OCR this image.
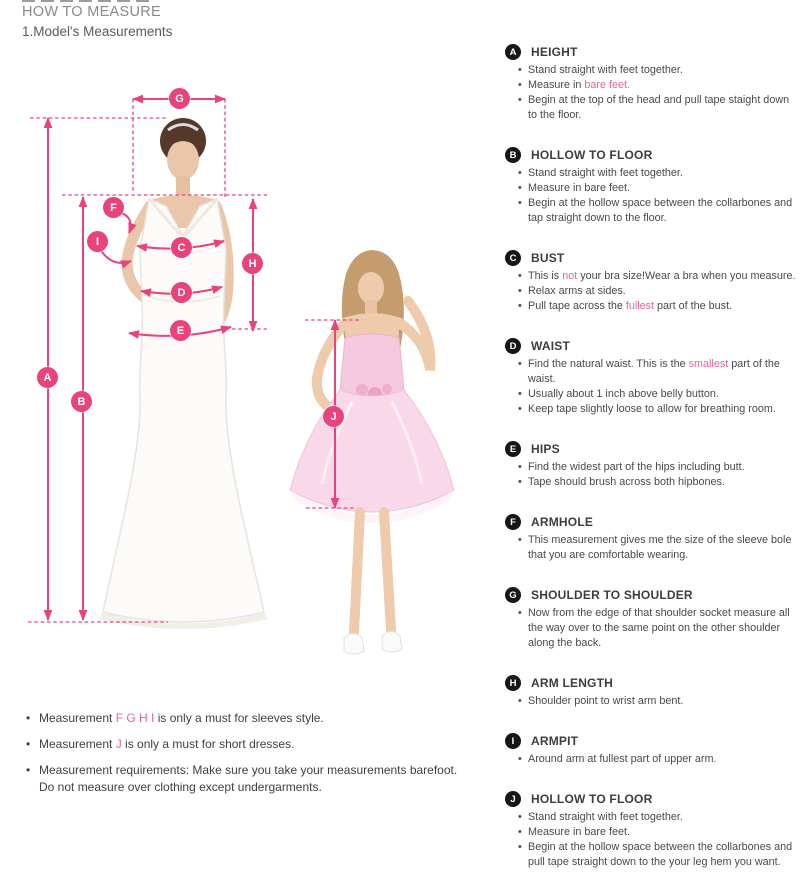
HOW TO MEASURE
1.Model's Measurements
G
F
I	C
H
D
E
A
B
J
A	HEIGHT
• Stand straight with feet together.
• Measure in bare feet.
• Begin at the top of the head and pull tape staight down to the floor.
B	HOLLOW TO FLOOR
• Stand straight with feet together.
• Measure in bare feet.
• Begin at the hollow space between the collarbones and tap straight down to the floor.
C	BUST
• This is not your bra size!Wear a bra when you measure.
• Relax arms at sides.
• Pull tape across the fullest part of the bust.
D	WAIST
• Find the natural waist. This is the smallest part of the waist.
• Usually about 1 inch above belly button.
• Keep tape slightly loose to allow for breathing room.
E	HIPS
• Find the widest part of the hips including butt.
• Tape should brush across both hipbones.
F	ARMHOLE
• This measurement gives me the size of the sleeve bole that you are comfortable wearing.
G	SHOULDER TO SHOULDER
• Now from the edge of that shoulder socket measure all the way over to the same point on the other shoulder along the back.
H	ARM LENGTH
• Shoulder point to wrist arm bent.
I	ARMPIT
• Around arm at fullest part of upper arm.
J	HOLLOW TO FLOOR
• Stand straight with feet together.
• Measure in bare feet.
• Begin at the hollow space between the collarbones and pull tape straight down to the your leg hem you want.
• Measurement F G H I is only a must for sleeves style.
• Measurement J is only a must for short dresses.
• Measurement requirements: Make sure you take your measurements barefoot.
Do not measure over clothing except undergarments.
